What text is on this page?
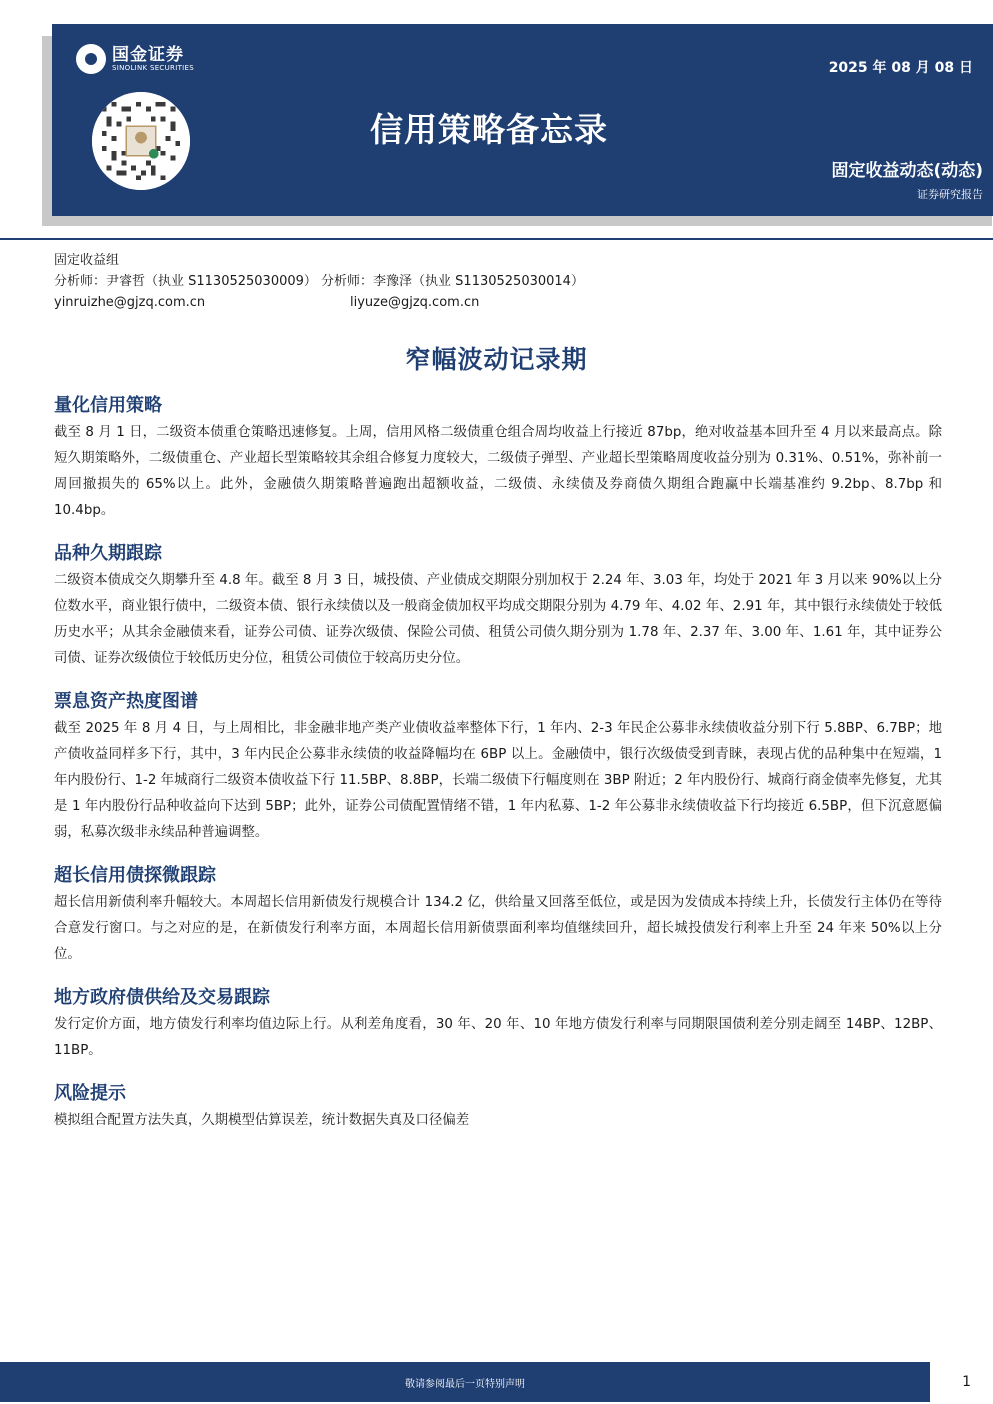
国金证券
SINOLINK SECURITIES
信用策略备忘录
2025 年 08 月 08 日
固定收益动态(动态)
证券研究报告
固定收益组
分析师：尹睿哲（执业 S1130525030009） 分析师：李豫泽（执业 S1130525030014）
yinruizhe@gjzq.com.cn	liyuze@gjzq.com.cn
窄幅波动记录期
量化信用策略
截至 8 月 1 日，二级资本债重仓策略迅速修复。上周，信用风格二级债重仓组合周均收益上行接近 87bp，绝对收益基本回升至 4 月以来最高点。除短久期策略外，二级债重仓、产业超长型策略较其余组合修复力度较大，二级债子弹型、产业超长型策略周度收益分别为 0.31%、0.51%，弥补前一周回撤损失的 65%以上。此外，金融债久期策略普遍跑出超额收益，二级债、永续债及券商债久期组合跑赢中长端基准约 9.2bp、8.7bp 和 10.4bp。
品种久期跟踪
二级资本债成交久期攀升至 4.8 年。截至 8 月 3 日，城投债、产业债成交期限分别加权于 2.24 年、3.03 年，均处于 2021 年 3 月以来 90%以上分位数水平，商业银行债中，二级资本债、银行永续债以及一般商金债加权平均成交期限分别为 4.79 年、4.02 年、2.91 年，其中银行永续债处于较低历史水平；从其余金融债来看，证券公司债、证券次级债、保险公司债、租赁公司债久期分别为 1.78 年、2.37 年、3.00 年、1.61 年，其中证券公司债、证券次级债位于较低历史分位，租赁公司债位于较高历史分位。
票息资产热度图谱
截至 2025 年 8 月 4 日，与上周相比，非金融非地产类产业债收益率整体下行，1 年内、2-3 年民企公募非永续债收益分别下行 5.8BP、6.7BP；地产债收益同样多下行，其中，3 年内民企公募非永续债的收益降幅均在 6BP 以上。金融债中，银行次级债受到青睐，表现占优的品种集中在短端，1 年内股份行、1-2 年城商行二级资本债收益下行 11.5BP、8.8BP，长端二级债下行幅度则在 3BP 附近；2 年内股份行、城商行商金债率先修复，尤其是 1 年内股份行品种收益向下达到 5BP；此外，证券公司债配置情绪不错，1 年内私募、1-2 年公募非永续债收益下行均接近 6.5BP，但下沉意愿偏弱，私募次级非永续品种普遍调整。
超长信用债探微跟踪
超长信用新债利率升幅较大。本周超长信用新债发行规模合计 134.2 亿，供给量又回落至低位，或是因为发债成本持续上升，长债发行主体仍在等待合意发行窗口。与之对应的是，在新债发行利率方面，本周超长信用新债票面利率均值继续回升，超长城投债发行利率上升至 24 年来 50%以上分位。
地方政府债供给及交易跟踪
发行定价方面，地方债发行利率均值边际上行。从利差角度看，30 年、20 年、10 年地方债发行利率与同期限国债利差分别走阔至 14BP、12BP、11BP。
风险提示
模拟组合配置方法失真，久期模型估算误差，统计数据失真及口径偏差
敬请参阅最后一页特别声明	1
